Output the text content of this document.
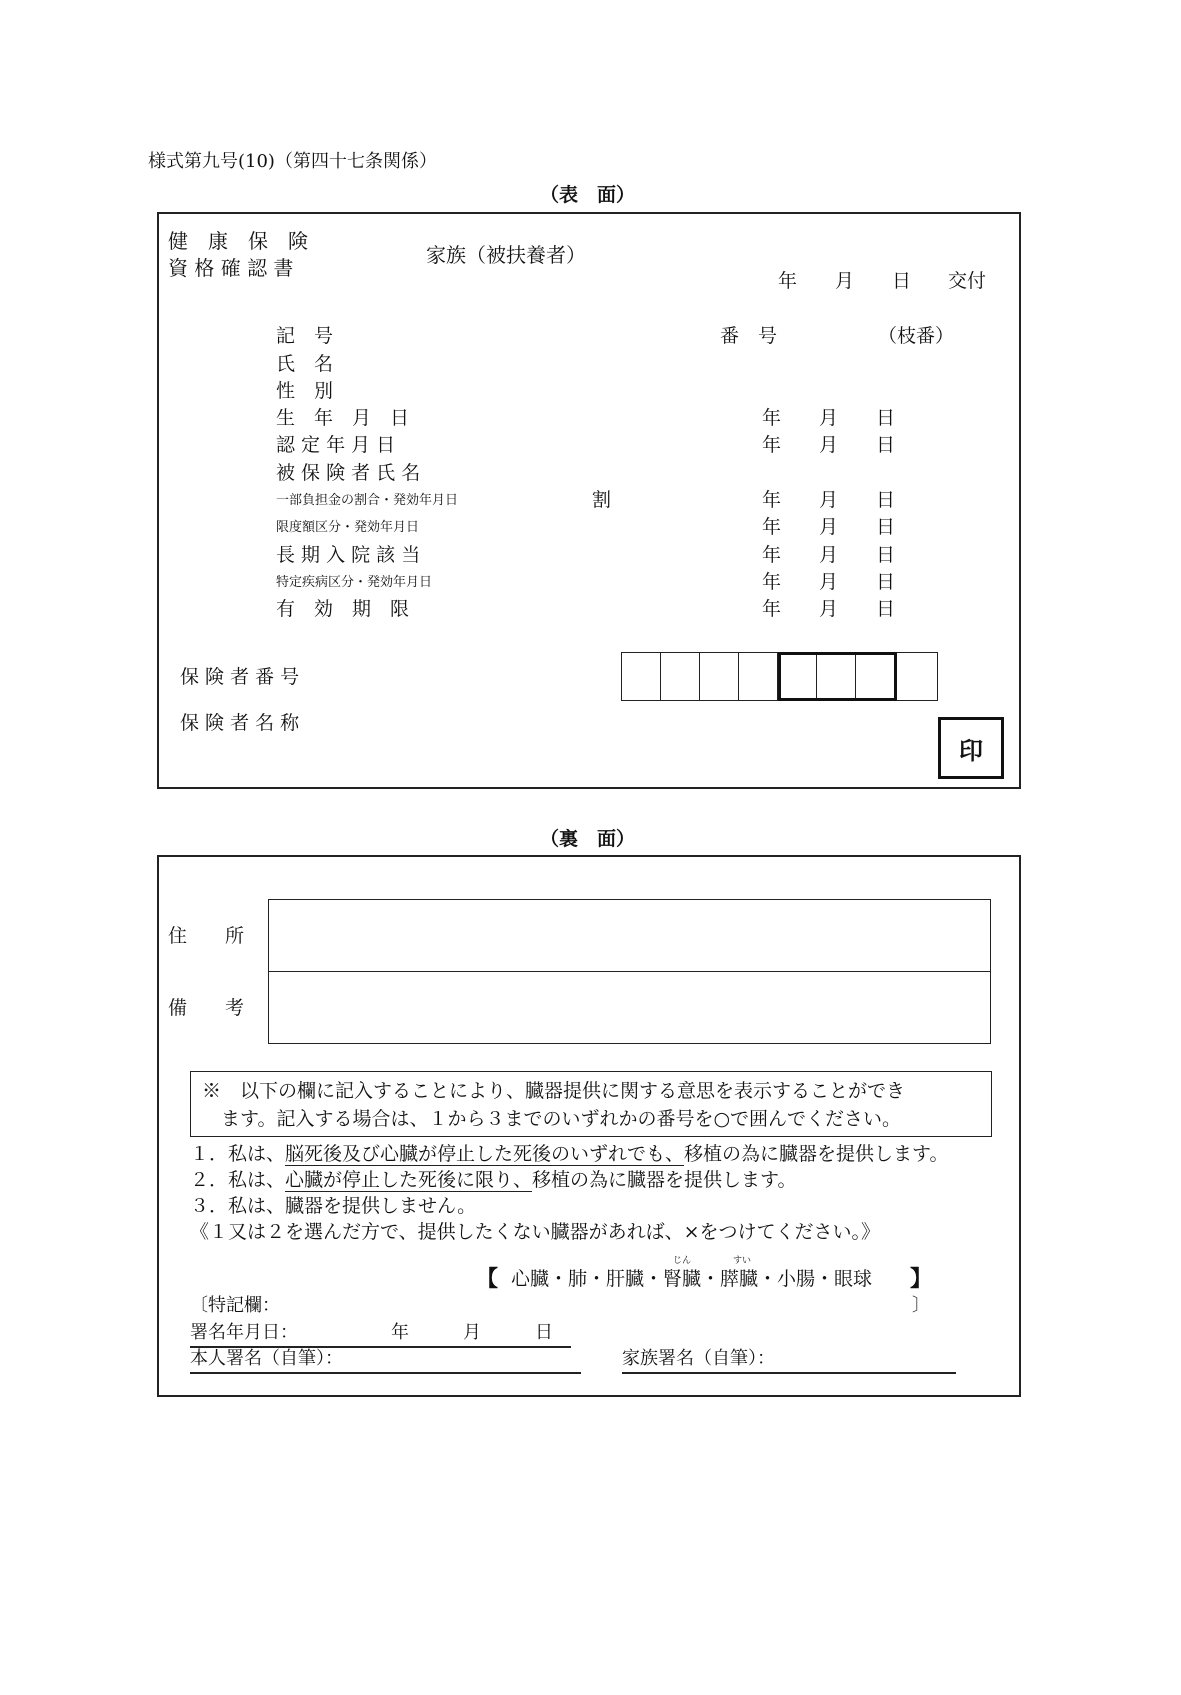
様式第九号(10)（第四十七条関係）
（表　面）
健　康　保　険
資 格 確 認 書
家族（被扶養者）
年　　月　　日 交付
記　号	番　号	（枝番）
氏　名
性　別
生　年　月　日	年　　月　　日
認 定 年 月 日	年　　月　　日
被 保 険 者 氏 名
一部負担金の割合・発効年月日	割	年　　月　　日
限度額区分・発効年月日	年　　月　　日
長 期 入 院 該 当	年　　月　　日
特定疾病区分・発効年月日	年　　月　　日
有　効　期　限	年　　月　　日
保 険 者 番 号
保 険 者 名 称
印
（裏　面）
住　　所
備　　考
※　以下の欄に記入することにより、臓器提供に関する意思を表示することができ
ます。記入する場合は、１から３までのいずれかの番号を○で囲んでください。
１．私は、脳死後及び心臓が停止した死後のいずれでも、移植の為に臓器を提供します。
２．私は、心臓が停止した死後に限り、移植の為に臓器を提供します。
３．私は、臓器を提供しません。
《１又は２を選んだ方で、提供したくない臓器があれば、×をつけてください。》
【 心臓・肺・肝臓・腎臓・膵臓・小腸・眼球 】
じん	すい
〔特記欄：	〕
署名年月日：	年　　　月　　　日
本人署名（自筆）：	家族署名（自筆）：
